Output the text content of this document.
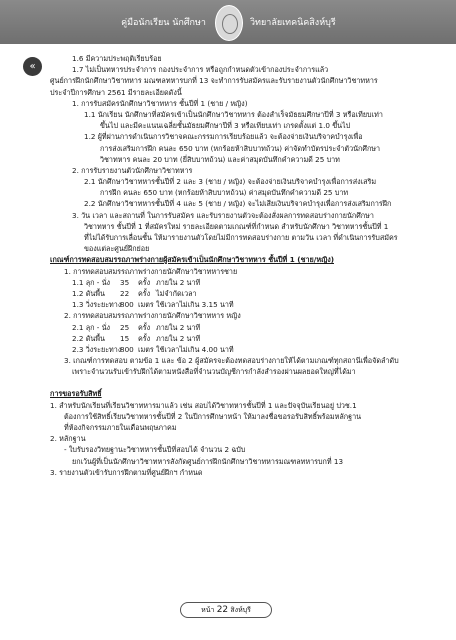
คู่มือนักเรียน นักศึกษา	วิทยาลัยเทคนิคสิงห์บุรี
«
1.6 มีความประพฤติเรียบร้อย
1.7 ไม่เป็นทหารประจำการ กองประจำการ หรือถูกกำหนดตัวเข้ากองประจำการแล้ว
ศูนย์การฝึกนักศึกษาวิชาทหาร มณฑลทหารบกที่ 13 จะทำการรับสมัครและรับรายงานตัวนักศึกษาวิชาทหาร
ประจำปีการศึกษา 2561 มีรายละเอียดดังนี้
1. การรับสมัครนักศึกษาวิชาทหาร ชั้นปีที่ 1 (ชาย / หญิง)
1.1 นักเรียน นักศึกษาที่สมัครเข้าเป็นนักศึกษาวิชาทหาร ต้องสำเร็จมัธยมศึกษาปีที่ 3 หรือเทียบเท่า
ขึ้นไป และมีคะแนนเฉลี่ยชั้นมัธยมศึกษาปีที่ 3 หรือเทียบเท่า เกรดตั้งแต่ 1.0 ขึ้นไป
1.2 ผู้ที่ผ่านการดำเนินการวิชาจคณะกรรมการเรียบร้อยแล้ว จะต้องจ่ายเงินบริจาคบำรุงเพื่อ
การส่งเสริมการฝึก คนละ 650 บาท (หกร้อยห้าสิบบาทถ้วน) ค่าจัดทำบัตรประจำตัวนักศึกษา
วิชาทหาร คนละ 20 บาท (ยี่สิบบาทถ้วน) และค่าสมุดบันทึกคำความดี 25 บาท
2. การรับรายงานตัวนักศึกษาวิชาทหาร
2.1 นักศึกษาวิชาทหารชั้นปีที่ 2 และ 3 (ชาย / หญิง) จะต้องจ่ายเงินบริจาคบำรุงเพื่อการส่งเสริม
การฝึก คนละ 650 บาท (หกร้อยห้าสิบบาทถ้วน) ค่าสมุดบันทึกคำความดี 25 บาท
2.2 นักศึกษาวิชาทหารชั้นปีที่ 4 และ 5 (ชาย / หญิง) จะไม่เสียเงินบริจาคบำรุงเพื่อการส่งเสริมการฝึก
3. วัน เวลา และสถานที่ ในการรับสมัคร และรับรายงานตัวจะต้องสั่งผลการทดสอบร่างกายนักศึกษา
วิชาทหาร ชั้นปีที่ 1 ที่สมัครใหม่ รายละเอียดตามเกณฑ์ที่กำหนด สำหรับนักศึกษา วิชาทหารชั้นปีที่ 1
ที่ไม่ได้รับการเลื่อนชั้น ให้มารายงานตัวโดยไม่มีการทดสอบร่างกาย ตามวัน เวลา ที่ดำเนินการรับสมัคร
ของแต่ละศูนย์ฝึกย่อย
เกณฑ์การทดสอบสมรรถภาพร่างกายผู้สมัครเข้าเป็นนักศึกษาวิชาทหาร ชั้นปีที่ 1 (ชาย/หญิง)
1. การทดสอบสมรรถภาพร่างกายนักศึกษาวิชาทหารชาย
1.1 ลุก - นั่ง	35	ครั้ง ภายใน 2 นาที
1.2 ดันพื้น	22	ครั้ง ไม่จำกัดเวลา
1.3 วิ่งระยะทาง
800 เมตร ใช้เวลาไม่เกิน 3.15 นาที
2. การทดสอบสมรรถภาพร่างกายนักศึกษาวิชาทหาร หญิง
2.1 ลุก - นั่ง	25	ครั้ง ภายใน 2 นาที
2.2 ดันพื้น	15	ครั้ง ภายใน 2 นาที
2.3 วิ่งระยะทาง
800 เมตร ใช้เวลาไม่เกิน 4.00 นาที
3. เกณฑ์การทดสอบ ตามข้อ 1 และ ข้อ 2 ผู้สมัครจะต้องทดสอบร่างกายให้ได้ตามเกณฑ์ทุกสถานีเพื่อจัดลำดับ
เพราะจำนวนรับเข้ารับฝึกได้ตามหนังสือที่จำนวนบัญชีการกำลังสำรองผ่านผลยอดใหญ่ที่ได้มา
การขอรอรับสิทธิ์
1. สำหรับนักเรียนที่เรียนวิชาทหารมาแล้ว เช่น สอบได้วิชาทหารชั้นปีที่ 1 และปัจจุบันเรียนอยู่ ปวช.1
ต้องการใช้สิทธิ์เรียนวิชาทหารชั้นปีที่ 2 ในปีการศึกษาหน้า ให้มาลงชื่อขอรอรับสิทธิ์พร้อมหลักฐาน
ที่ห้องกิจกรรมภายในเดือนพฤษภาคม
2. หลักฐาน
- ใบรับรองวิทยฐานะวิชาทหารชั้นปีที่สอบได้ จำนวน 2 ฉบับ
ยกเว้นผู้ที่เป็นนักศึกษาวิชาทหารสังกัดศูนย์การฝึกนักศึกษาวิชาทหารมณฑลทหารบกที่ 13
3. รายงานตัวเข้ารับการฝึกตามที่ศูนย์ฝึกฯ กำหนด
หน้า 22 สิงห์บุรี
